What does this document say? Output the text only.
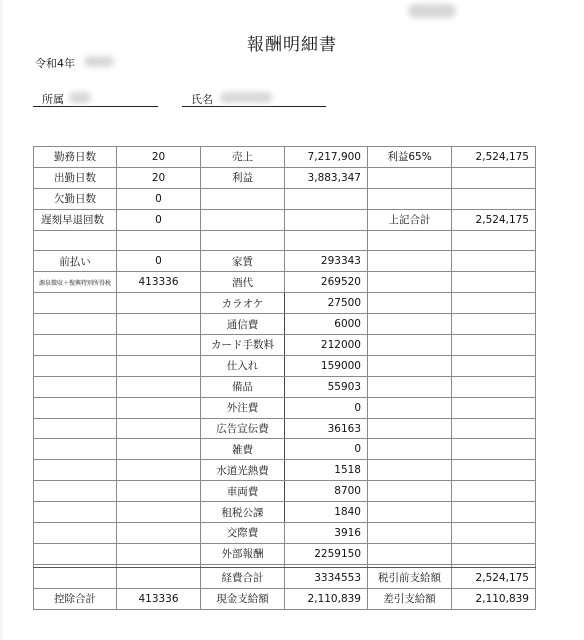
報酬明細書
令和4年
所属	氏名
勤務日数	20	売上	7,217,900	利益65%	2,524,175
出勤日数	20	利益	3,883,347		
欠勤日数	0				
遅刻早退回数	0			上記合計	2,524,175

前払い	0	家賃	293343		
源泉徴収＋復興特別所得税	413336	酒代	269520		
		カラオケ	27500		
		通信費	6000		
		カード手数料	212000		
		仕入れ	159000		
		備品	55903		
		外注費	0		
		広告宣伝費	36163		
		雑費	0		
		水道光熱費	1518		
		車両費	8700		
		租税公課	1840		
		交際費	3916		
		外部報酬	2259150		

		経費合計	3334553	税引前支給額	2,524,175
控除合計	413336	現金支給額	2,110,839	差引支給額	2,110,839
